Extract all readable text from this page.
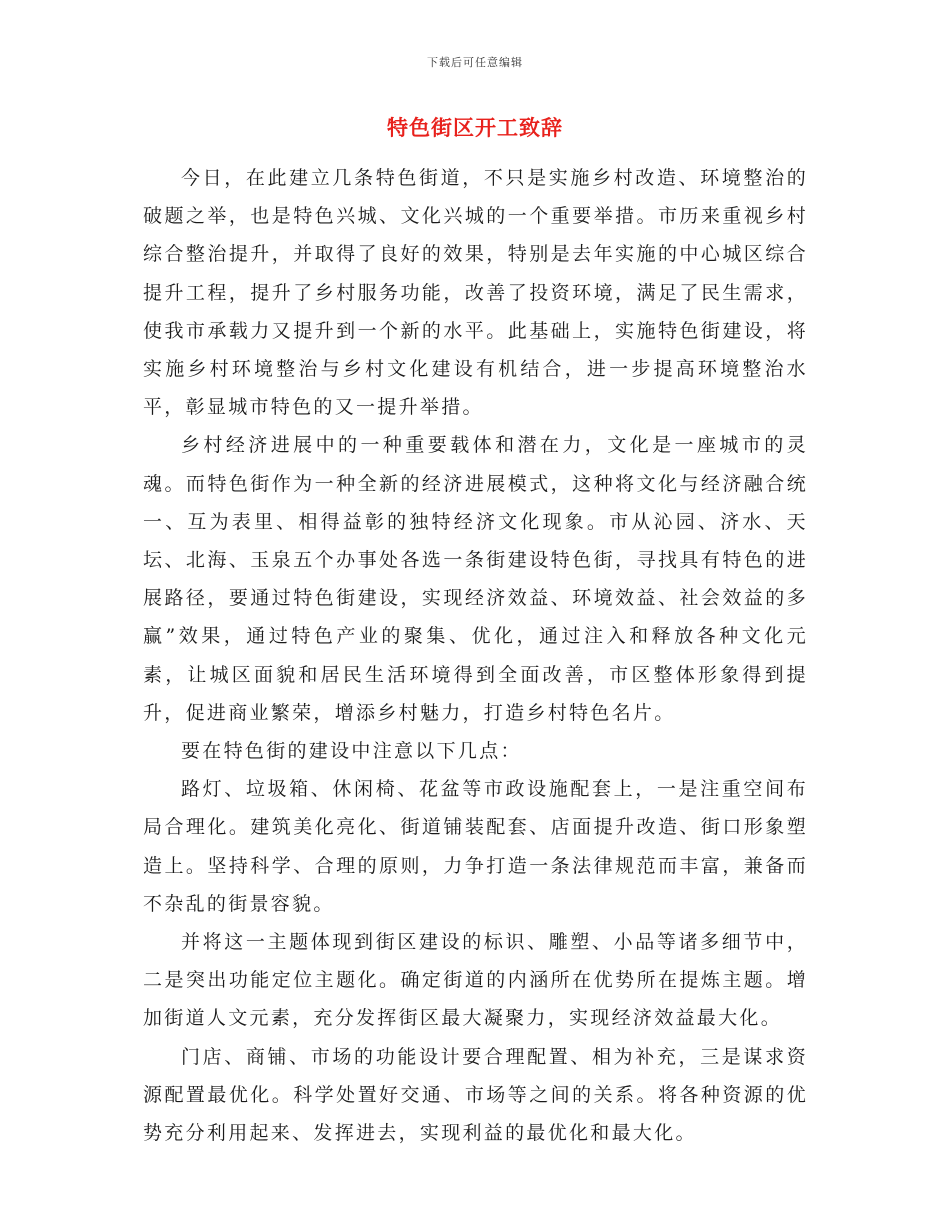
下载后可任意编辑
特色街区开工致辞

今日，在此建立几条特色街道，不只是实施乡村改造、环境整治的破题之举，也是特色兴城、文化兴城的一个重要举措。市历来重视乡村综合整治提升，并取得了良好的效果，特别是去年实施的中心城区综合提升工程，提升了乡村服务功能，改善了投资环境，满足了民生需求，使我市承载力又提升到一个新的水平。此基础上，实施特色街建设，将实施乡村环境整治与乡村文化建设有机结合，进一步提高环境整治水平，彰显城市特色的又一提升举措。

乡村经济进展中的一种重要载体和潜在力，文化是一座城市的灵魂。而特色街作为一种全新的经济进展模式，这种将文化与经济融合统一、互为表里、相得益彰的独特经济文化现象。市从沁园、济水、天坛、北海、玉泉五个办事处各选一条街建设特色街，寻找具有特色的进展路径，要通过特色街建设，实现经济效益、环境效益、社会效益的多赢”效果，通过特色产业的聚集、优化，通过注入和释放各种文化元素，让城区面貌和居民生活环境得到全面改善，市区整体形象得到提升，促进商业繁荣，增添乡村魅力，打造乡村特色名片。

要在特色街的建设中注意以下几点：

路灯、垃圾箱、休闲椅、花盆等市政设施配套上，一是注重空间布局合理化。建筑美化亮化、街道铺装配套、店面提升改造、街口形象塑造上。坚持科学、合理的原则，力争打造一条法律规范而丰富，兼备而不杂乱的街景容貌。

并将这一主题体现到街区建设的标识、雕塑、小品等诸多细节中，二是突出功能定位主题化。确定街道的内涵所在优势所在提炼主题。增加街道人文元素，充分发挥街区最大凝聚力，实现经济效益最大化。

门店、商铺、市场的功能设计要合理配置、相为补充，三是谋求资源配置最优化。科学处置好交通、市场等之间的关系。将各种资源的优势充分利用起来、发挥进去，实现利益的最优化和最大化。
